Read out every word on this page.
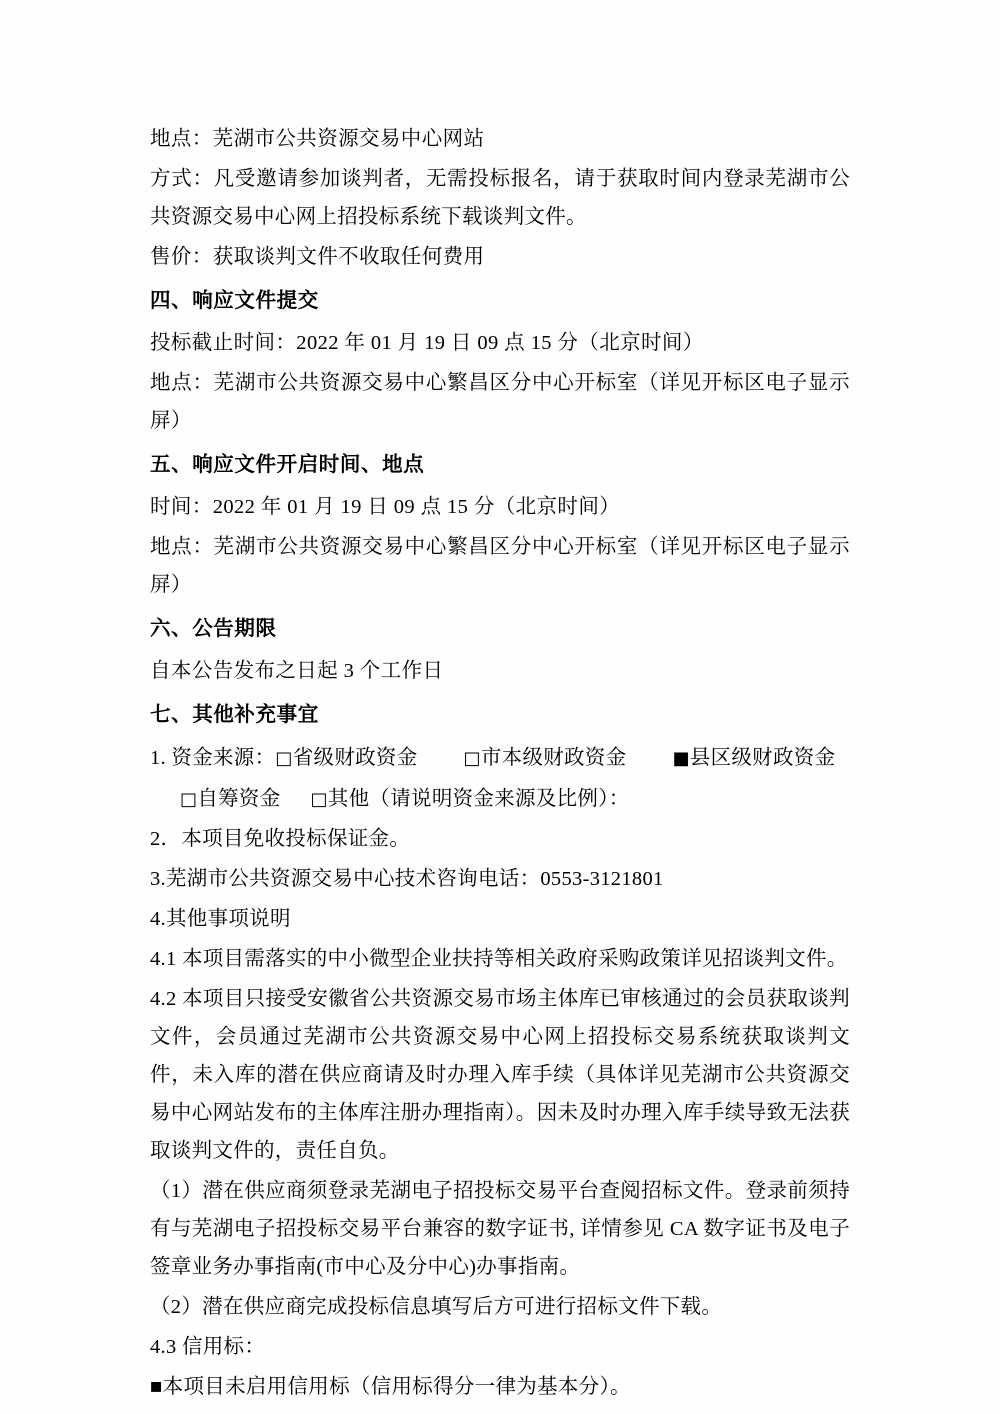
地点：芜湖市公共资源交易中心网站

方式：凡受邀请参加谈判者，无需投标报名，请于获取时间内登录芜湖市公共资源交易中心网上招投标系统下载谈判文件。

售价：获取谈判文件不收取任何费用

四、响应文件提交

投标截止时间：2022 年 01 月 19 日 09 点 15 分（北京时间）

地点：芜湖市公共资源交易中心繁昌区分中心开标室（详见开标区电子显示屏）

五、响应文件开启时间、地点

时间：2022 年 01 月 19 日 09 点 15 分（北京时间）

地点：芜湖市公共资源交易中心繁昌区分中心开标室（详见开标区电子显示屏）

六、公告期限

自本公告发布之日起 3 个工作日

七、其他补充事宜

1. 资金来源：□省级财政资金	□市本级财政资金	■县区级财政资金□自筹资金 □其他（请说明资金来源及比例）：

2．本项目免收投标保证金。

3.芜湖市公共资源交易中心技术咨询电话：0553-3121801

4.其他事项说明

4.1 本项目需落实的中小微型企业扶持等相关政府采购政策详见招谈判文件。

4.2 本项目只接受安徽省公共资源交易市场主体库已审核通过的会员获取谈判文件，会员通过芜湖市公共资源交易中心网上招投标交易系统获取谈判文件，未入库的潜在供应商请及时办理入库手续（具体详见芜湖市公共资源交易中心网站发布的主体库注册办理指南）。因未及时办理入库手续导致无法获取谈判文件的，责任自负。

（1）潜在供应商须登录芜湖电子招投标交易平台查阅招标文件。登录前须持有与芜湖电子招投标交易平台兼容的数字证书, 详情参见 CA 数字证书及电子签章业务办事指南(市中心及分中心)办事指南。

（2）潜在供应商完成投标信息填写后方可进行招标文件下载。

4.3 信用标：

■本项目未启用信用标（信用标得分一律为基本分）。
